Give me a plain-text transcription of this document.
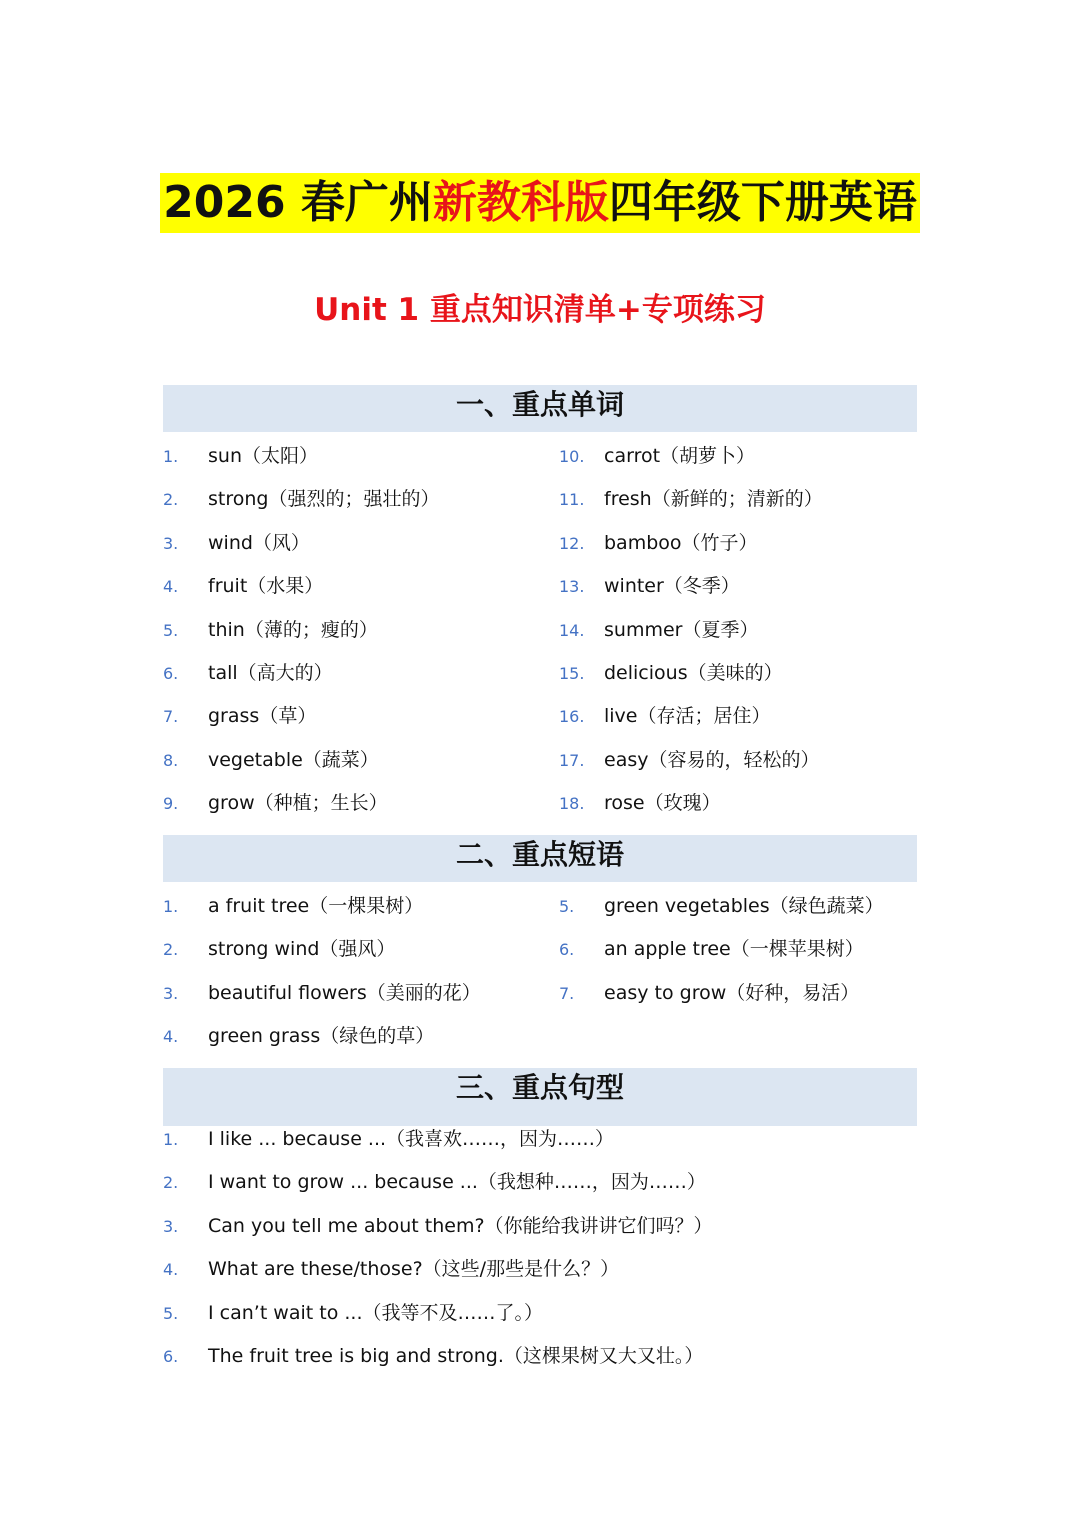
2026 春广州新教科版四年级下册英语
Unit 1 重点知识清单+专项练习
一、重点单词
二、重点短语
三、重点句型
1. sun（太阳）
2. strong（强烈的；强壮的）
3. wind（风）
4. fruit（水果）
5. thin（薄的；瘦的）
6. tall（高大的）
7. grass（草）
8. vegetable（蔬菜）
9. grow（种植；生长）
10. carrot（胡萝卜）
11. fresh（新鲜的；清新的）
12. bamboo（竹子）
13. winter（冬季）
14. summer（夏季）
15. delicious（美味的）
16. live（存活；居住）
17. easy（容易的，轻松的）
18. rose（玫瑰）
1. a fruit tree（一棵果树）
2. strong wind（强风）
3. beautiful flowers（美丽的花）
4. green grass（绿色的草）
5. green vegetables（绿色蔬菜）
6. an apple tree（一棵苹果树）
7. easy to grow（好种，易活）
1. I like ... because ...（我喜欢……，因为……）
2. I want to grow ... because ...（我想种……，因为……）
3. Can you tell me about them?（你能给我讲讲它们吗？）
4. What are these/those?（这些/那些是什么？）
5. I can’t wait to ...（我等不及……了。）
6. The fruit tree is big and strong.（这棵果树又大又壮。）
